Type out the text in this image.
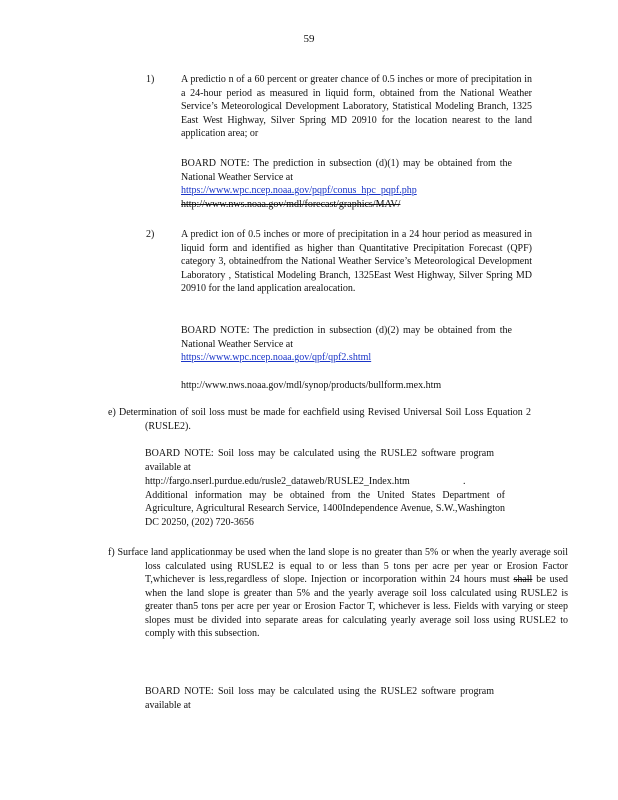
59
1)	A predictio n of a 60 percent or greater chance of 0.5 inches or more of precipitation in a 24-hour period as measured in liquid form, obtained from the National Weather Service’s Meteorological Development Laboratory, Statistical Modeling Branch, 1325 East West Highway, Silver Spring MD 20910 for the location nearest to the land application area; or
BOARD NOTE: The prediction in subsection (d)(1) may be obtained from the National Weather Service at
https://www.wpc.ncep.noaa.gov/pqpf/conus_hpc_pqpf.php
http://www.nws.noaa.gov/mdl/forecast/graphics/MAV/
2)	A predict ion of 0.5 inches or more of precipitation in a 24 hour period as measured in liquid form and identified as higher than Quantitative Precipitation Forecast (QPF) category 3, obtainedfrom the National Weather Service’s Meteorological Development Laboratory , Statistical Modeling Branch, 1325East West Highway, Silver Spring MD 20910 for the land application arealocation.
BOARD NOTE: The prediction in subsection (d)(2) may be obtained from the National Weather Service at
https://www.wpc.ncep.noaa.gov/qpf/qpf2.shtml
http://www.nws.noaa.gov/mdl/synop/products/bullform.mex.htm
e) Determination of soil loss must be made for eachfield using Revised Universal Soil Loss Equation 2 (RUSLE2).
BOARD NOTE: Soil loss may be calculated using the RUSLE2 software program available at
http://fargo.nserl.purdue.edu/rusle2_dataweb/RUSLE2_Index.htm	. Additional information may be obtained from the United States Department of Agriculture, Agricultural Research Service, 1400Independence Avenue, S.W.,Washington DC 20250, (202) 720-3656
f) Surface land applicationmay be used when the land slope is no greater than 5% or when the yearly average soil loss calculated using RUSLE2 is equal to or less than 5 tons per acre per year or Erosion Factor T,whichever is less,regardless of slope. Injection or incorporation within 24 hours must shall be used when the land slope is greater than 5% and the yearly average soil loss calculated using RUSLE2 is greater than5 tons per acre per year or Erosion Factor T, whichever is less. Fields with varying or steep slopes must be divided into separate areas for calculating yearly average soil loss using RUSLE2 to comply with this subsection.
BOARD NOTE: Soil loss may be calculated using the RUSLE2 software program available at
